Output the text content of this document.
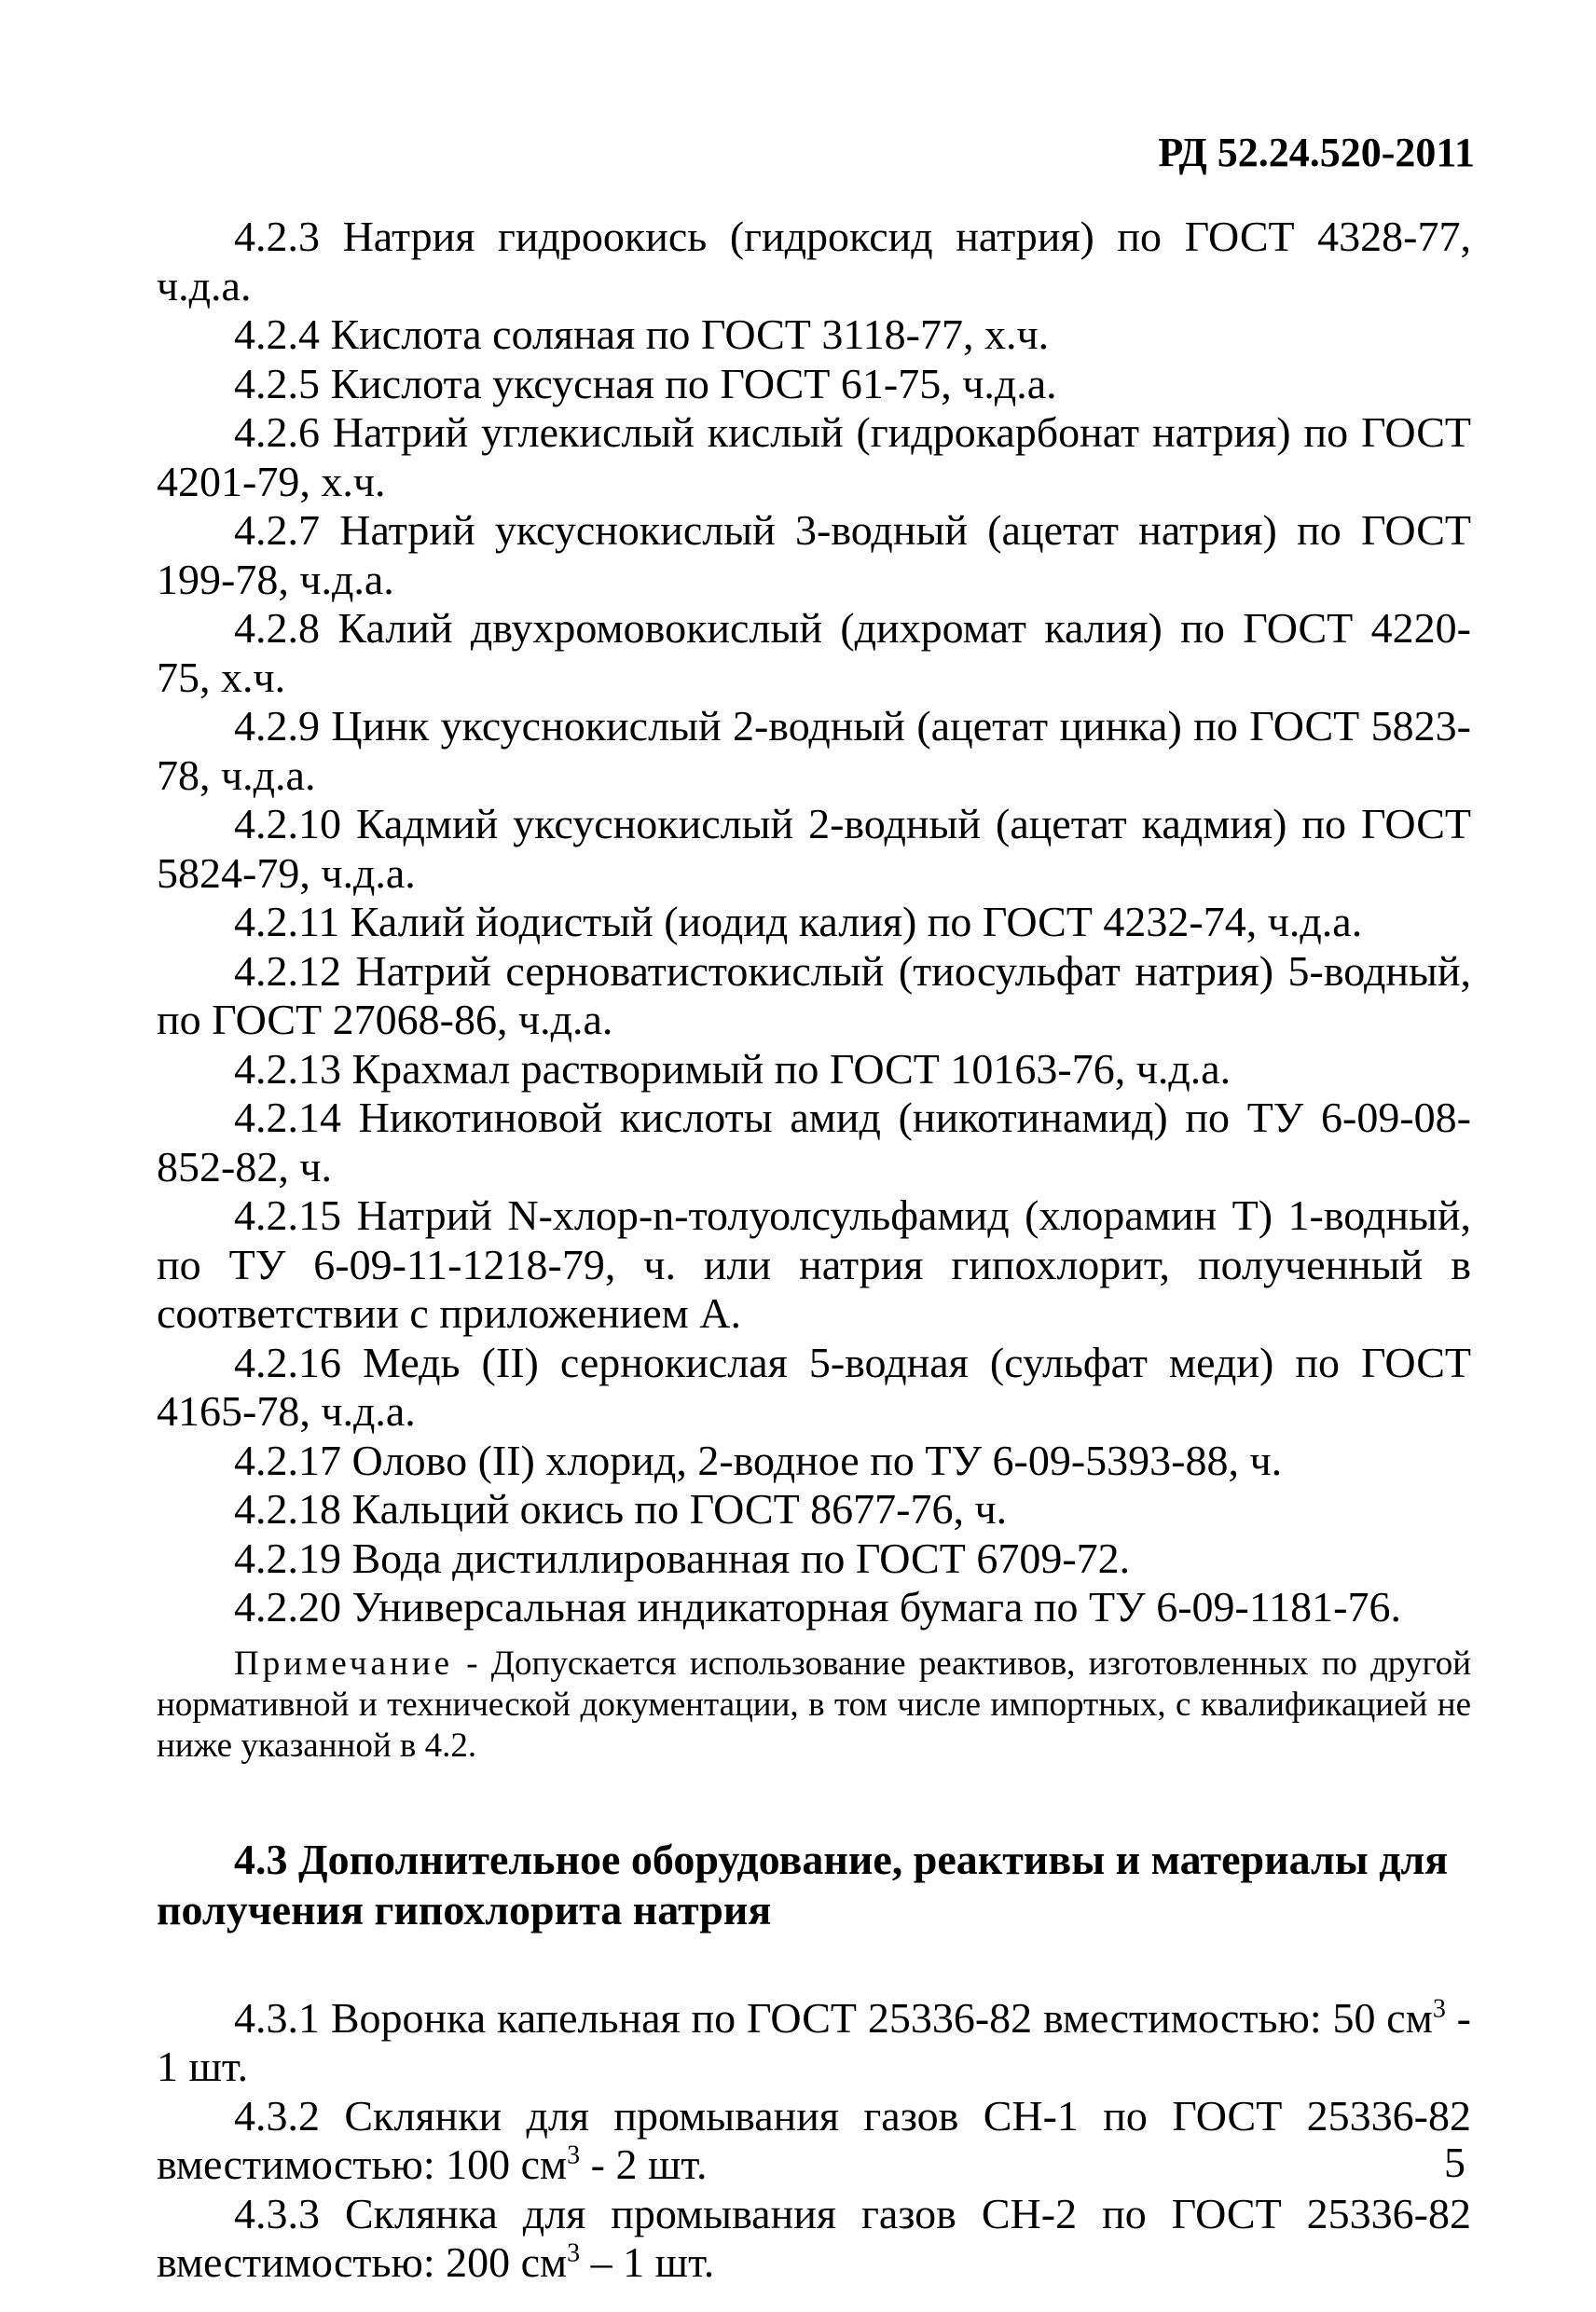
РД 52.24.520-2011

4.2.3 Натрия гидроокись (гидроксид натрия) по ГОСТ 4328-77, ч.д.а.

4.2.4 Кислота соляная по ГОСТ 3118-77, х.ч.

4.2.5 Кислота уксусная по ГОСТ 61-75, ч.д.а.

4.2.6 Натрий углекислый кислый (гидрокарбонат натрия) по ГОСТ 4201-79, х.ч.

4.2.7 Натрий уксуснокислый 3-водный (ацетат натрия) по ГОСТ 199-78, ч.д.а.

4.2.8 Калий двухромовокислый (дихромат калия) по ГОСТ 4220-75, х.ч.

4.2.9 Цинк уксуснокислый 2-водный (ацетат цинка) по ГОСТ 5823-78, ч.д.а.

4.2.10 Кадмий уксуснокислый 2-водный (ацетат кадмия) по ГОСТ 5824-79, ч.д.а.

4.2.11 Калий йодистый (иодид калия) по ГОСТ 4232-74, ч.д.а.

4.2.12 Натрий серноватистокислый (тиосульфат натрия) 5-водный, по ГОСТ 27068-86, ч.д.а.

4.2.13 Крахмал растворимый по ГОСТ 10163-76, ч.д.а.

4.2.14 Никотиновой кислоты амид (никотинамид) по ТУ 6-09-08-852-82, ч.

4.2.15 Натрий N-хлор-n-толуолсульфамид (хлорамин Т) 1-водный, по ТУ 6-09-11-1218-79, ч. или натрия гипохлорит, полученный в соответствии с приложением А.

4.2.16 Медь (II) сернокислая 5-водная (сульфат меди) по ГОСТ 4165-78, ч.д.а.

4.2.17 Олово (II) хлорид, 2-водное по ТУ 6-09-5393-88, ч.

4.2.18 Кальций окись по ГОСТ 8677-76, ч.

4.2.19 Вода дистиллированная по ГОСТ 6709-72.

4.2.20 Универсальная индикаторная бумага по ТУ 6-09-1181-76.

Примечание - Допускается использование реактивов, изготовленных по другой нормативной и технической документации, в том числе импортных, с квалификацией не ниже указанной в 4.2.

4.3 Дополнительное оборудование, реактивы и материалы для получения гипохлорита натрия

4.3.1 Воронка капельная по ГОСТ 25336-82 вместимостью: 50 $см^3 - 1$ шт.

4.3.2 Склянки для промывания газов СН-1 по ГОСТ 25336-82 вместимостью: 100 $см^3 - 2$ шт.

4.3.3 Склянка для промывания газов СН-2 по ГОСТ 25336-82 вместимостью: 200 $см^3 - 1$ шт.

5
